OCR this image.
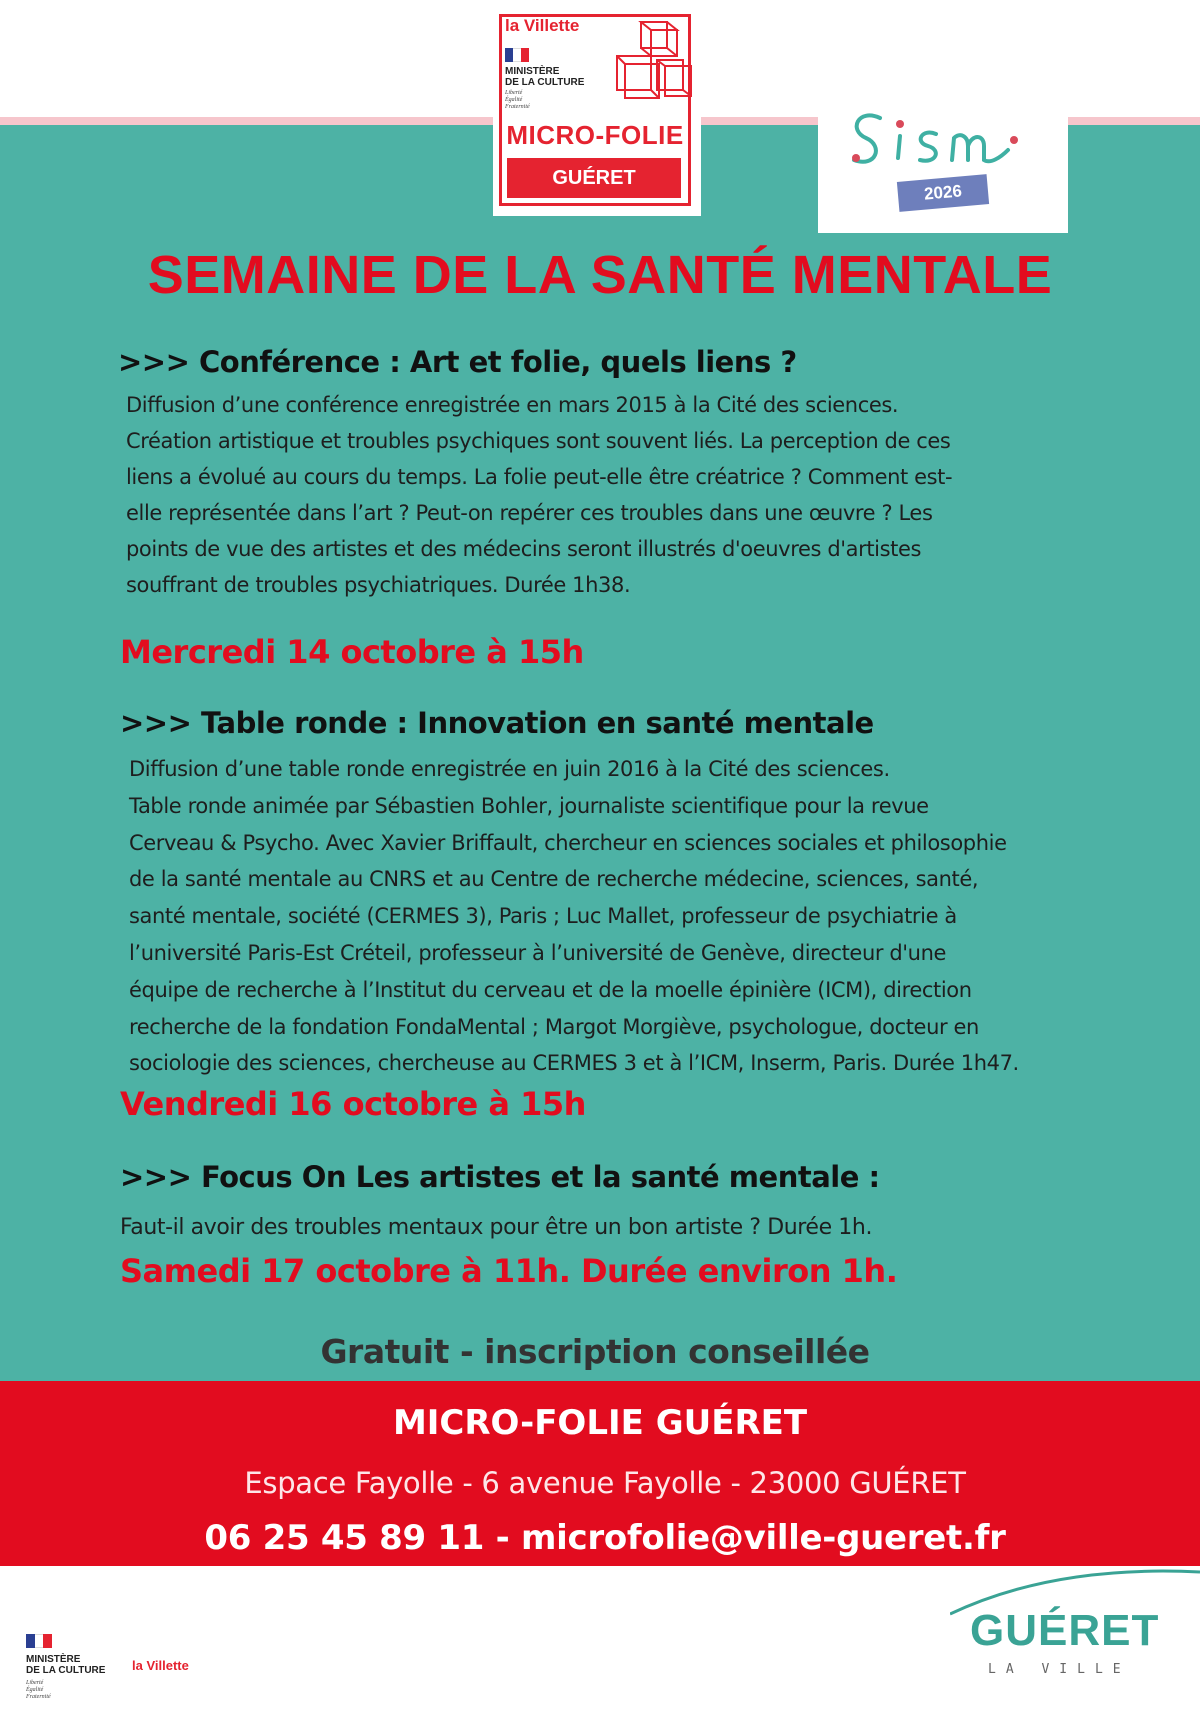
la Villette
MINISTÈRE
DE LA CULTURE
Liberté
Égalité
Fraternité
MICRO-FOLIE
GUÉRET
2026
SEMAINE DE LA SANTÉ MENTALE
>>> Conférence : Art et folie, quels liens ?
Diffusion d’une conférence enregistrée en mars 2015 à la Cité des sciences.
Création artistique et troubles psychiques sont souvent liés. La perception de ces
liens a évolué au cours du temps. La folie peut-elle être créatrice ? Comment est-
elle représentée dans l’art ? Peut-on repérer ces troubles dans une œuvre ? Les
points de vue des artistes et des médecins seront illustrés d'oeuvres d'artistes
souffrant de troubles psychiatriques. Durée 1h38.
Mercredi 14 octobre à 15h
>>> Table ronde : Innovation en santé mentale
Diffusion d’une table ronde enregistrée en juin 2016 à la Cité des sciences.
Table ronde animée par Sébastien Bohler, journaliste scientifique pour la revue
Cerveau & Psycho. Avec Xavier Briffault, chercheur en sciences sociales et philosophie
de la santé mentale au CNRS et au Centre de recherche médecine, sciences, santé,
santé mentale, société (CERMES 3), Paris ; Luc Mallet, professeur de psychiatrie à
l’université Paris-Est Créteil, professeur à l’université de Genève, directeur d'une
équipe de recherche à l’Institut du cerveau et de la moelle épinière (ICM), direction
recherche de la fondation FondaMental ; Margot Morgiève, psychologue, docteur en
sociologie des sciences, chercheuse au CERMES 3 et à l’ICM, Inserm, Paris. Durée 1h47.
Vendredi 16 octobre à 15h
>>> Focus On Les artistes et la santé mentale :
Faut-il avoir des troubles mentaux pour être un bon artiste ? Durée 1h.
Samedi 17 octobre à 11h. Durée environ 1h.
Gratuit - inscription conseillée
MICRO-FOLIE GUÉRET
Espace Fayolle - 6 avenue Fayolle - 23000 GUÉRET
06 25 45 89 11 - microfolie@ville-gueret.fr
MINISTÈRE
DE LA CULTURE
Liberté
Égalité
Fraternité
la Villette
GUÉRET
LA VILLE
